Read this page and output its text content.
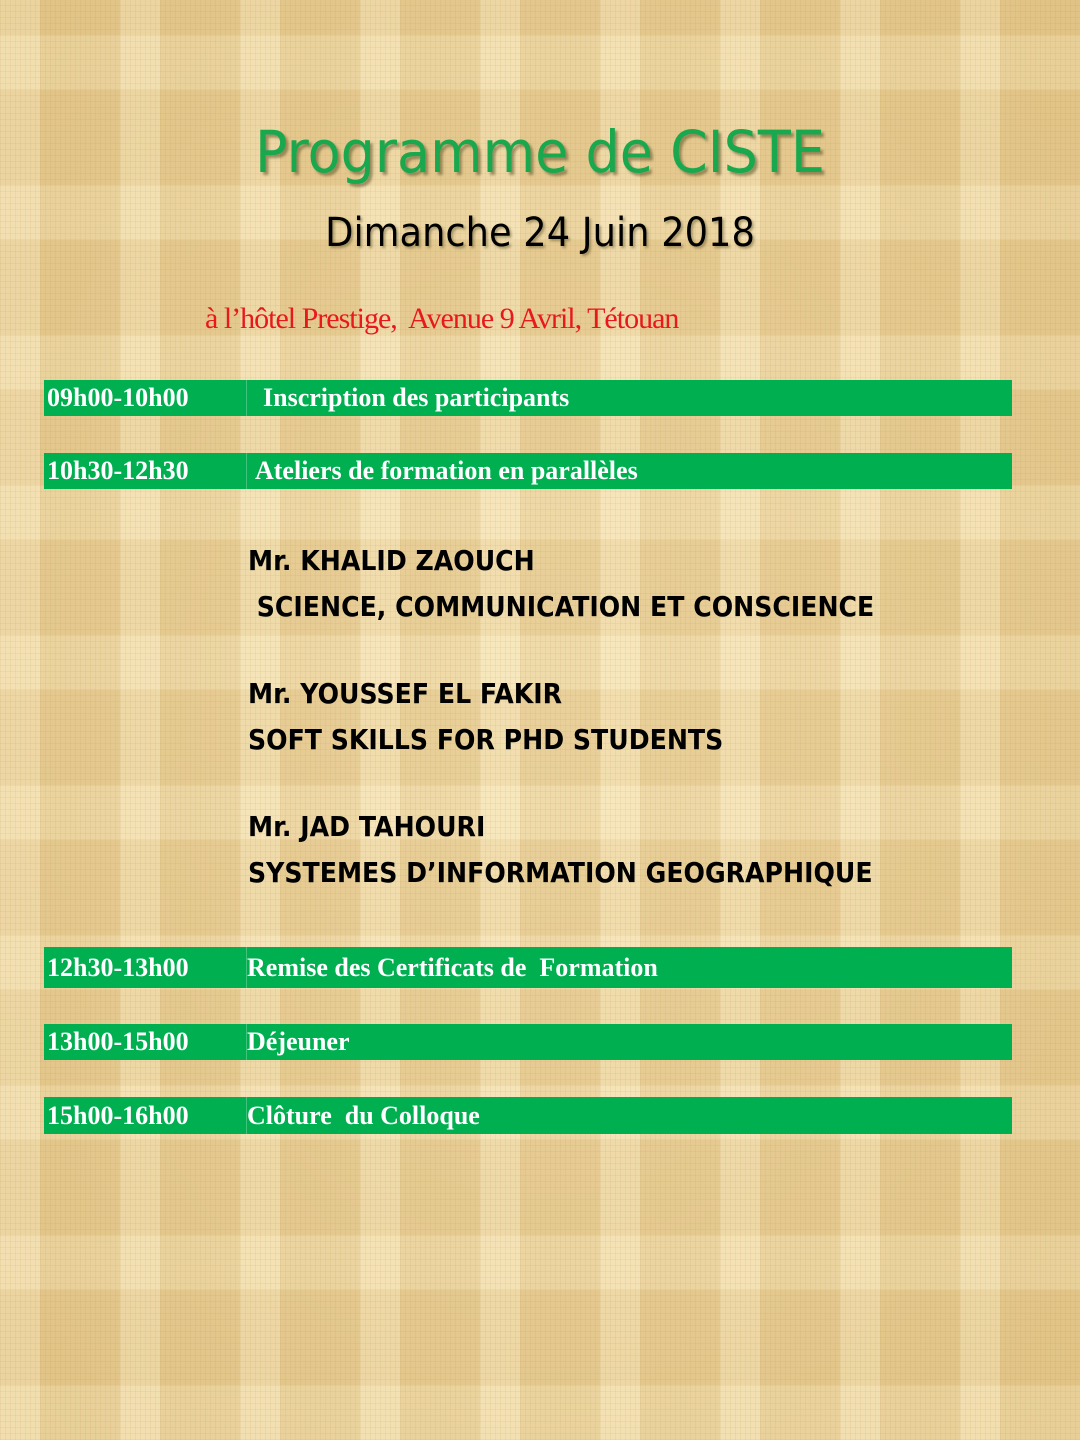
Programme de CISTE
Dimanche 24 Juin 2018
à l’hôtel Prestige,  Avenue 9 Avril, Tétouan
09h00-10h00	Inscription des participants
10h30-12h30	Ateliers de formation en parallèles
Mr. KHALID ZAOUCH
SCIENCE, COMMUNICATION ET CONSCIENCE
Mr. YOUSSEF EL FAKIR
SOFT SKILLS FOR PHD STUDENTS
Mr. JAD TAHOURI
SYSTEMES D’INFORMATION GEOGRAPHIQUE
12h30-13h00	Remise des Certificats de  Formation
13h00-15h00	Déjeuner
15h00-16h00	Clôture  du Colloque
